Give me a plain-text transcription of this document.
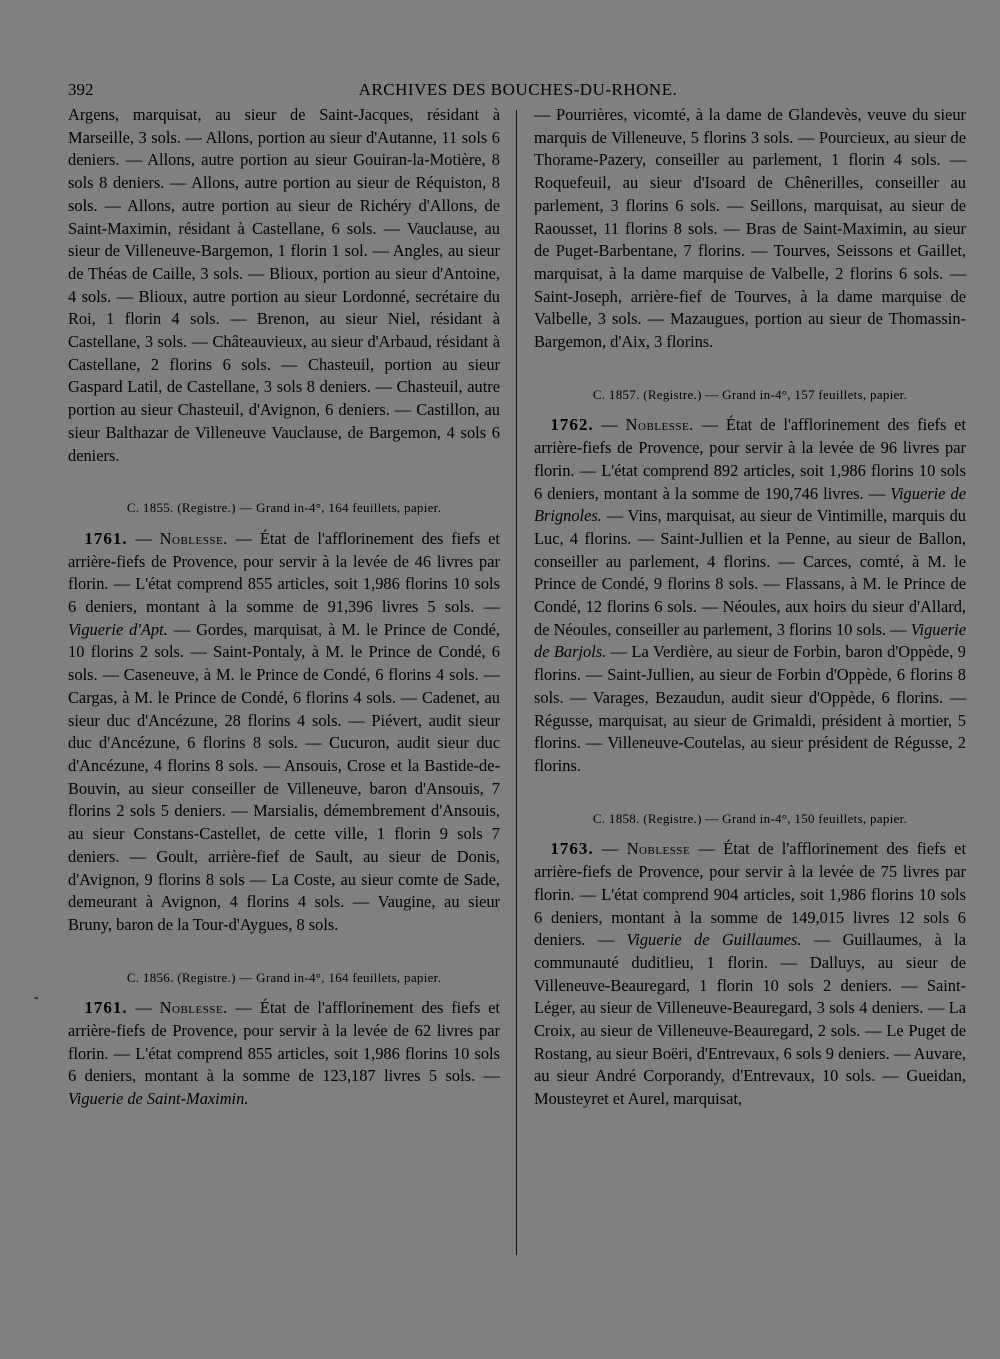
392	ARCHIVES DES BOUCHES-DU-RHONE.
-

Argens, marquisat, au sieur de Saint-Jacques, résidant à Marseille, 3 sols. — Allons, portion au sieur d'Autanne, 11 sols 6 deniers. — Allons, autre portion au sieur Gouiran-la-Motière, 8 sols 8 deniers. — Allons, autre portion au sieur de Réquiston, 8 sols. — Allons, autre portion au sieur de Richéry d'Allons, de Saint-Maximin, résidant à Castellane, 6 sols. — Vauclause, au sieur de Villeneuve-Bargemon, 1 florin 1 sol. — Angles, au sieur de Théas de Caille, 3 sols. — Blioux, portion au sieur d'Antoine, 4 sols. — Blioux, autre portion au sieur Lordonné, secrétaire du Roi, 1 florin 4 sols. — Brenon, au sieur Niel, résidant à Castellane, 3 sols. — Châteauvieux, au sieur d'Arbaud, résidant à Castellane, 2 florins 6 sols. — Chasteuil, portion au sieur Gaspard Latil, de Castellane, 3 sols 8 deniers. — Chasteuil, autre portion au sieur Chasteuil, d'Avignon, 6 deniers. — Castillon, au sieur Balthazar de Villeneuve Vauclause, de Bargemon, 4 sols 6 deniers.

C. 1855. (Registre.) — Grand in-4°, 164 feuillets, papier.

 1761. — Noblesse. — État de l'afflorinement des fiefs et arrière-fiefs de Provence, pour servir à la levée de 46 livres par florin. — L'état comprend 855 articles, soit 1,986 florins 10 sols 6 deniers, montant à la somme de 91,396 livres 5 sols. — Viguerie d'Apt. — Gordes, marquisat, à M. le Prince de Condé, 10 florins 2 sols. — Saint-Pontaly, à M. le Prince de Condé, 6 sols. — Caseneuve, à M. le Prince de Condé, 6 florins 4 sols. — Cargas, à M. le Prince de Condé, 6 florins 4 sols. — Cadenet, au sieur duc d'Ancézune, 28 florins 4 sols. — Piévert, audit sieur duc d'Ancézune, 6 florins 8 sols. — Cucuron, audit sieur duc d'Ancézune, 4 florins 8 sols. — Ansouis, Crose et la Bastide-de-Bouvin, au sieur conseiller de Villeneuve, baron d'Ansouis, 7 florins 2 sols 5 deniers. — Marsialis, démembrement d'Ansouis, au sieur Constans-Castellet, de cette ville, 1 florin 9 sols 7 deniers. — Goult, arrière-fief de Sault, au sieur de Donis, d'Avignon, 9 florins 8 sols — La Coste, au sieur comte de Sade, demeurant à Avignon, 4 florins 4 sols. — Vaugine, au sieur Bruny, baron de la Tour-d'Aygues, 8 sols.

C. 1856. (Registre.) — Grand in-4°, 164 feuillets, papier.

 1761. — Noblesse. — État de l'afflorinement des fiefs et arrière-fiefs de Provence, pour servir à la levée de 62 livres par florin. — L'état comprend 855 articles, soit 1,986 florins 10 sols 6 deniers, montant à la somme de 123,187 livres 5 sols. — Viguerie de Saint-Maximin.

— Pourrières, vicomté, à la dame de Glandevès, veuve du sieur marquis de Villeneuve, 5 florins 3 sols. — Pourcieux, au sieur de Thorame-Pazery, conseiller au parlement, 1 florin 4 sols. — Roquefeuil, au sieur d'Isoard de Chênerilles, conseiller au parlement, 3 florins 6 sols. — Seillons, marquisat, au sieur de Raousset, 11 florins 8 sols. — Bras de Saint-Maximin, au sieur de Puget-Barbentane, 7 florins. — Tourves, Seissons et Gaillet, marquisat, à la dame marquise de Valbelle, 2 florins 6 sols. — Saint-Joseph, arrière-fief de Tourves, à la dame marquise de Valbelle, 3 sols. — Mazaugues, portion au sieur de Thomassin-Bargemon, d'Aix, 3 florins.

C. 1857. (Registre.) — Grand in-4°, 157 feuillets, papier.

 1762. — Noblesse. — État de l'afflorinement des fiefs et arrière-fiefs de Provence, pour servir à la levée de 96 livres par florin. — L'état comprend 892 articles, soit 1,986 florins 10 sols 6 deniers, montant à la somme de 190,746 livres. — Viguerie de Brignoles. — Vins, marquisat, au sieur de Vintimille, marquis du Luc, 4 florins. — Saint-Jullien et la Penne, au sieur de Ballon, conseiller au parlement, 4 florins. — Carces, comté, à M. le Prince de Condé, 9 florins 8 sols. — Flassans, à M. le Prince de Condé, 12 florins 6 sols. — Néoules, aux hoirs du sieur d'Allard, de Néoules, conseiller au parlement, 3 florins 10 sols. — Viguerie de Barjols. — La Verdière, au sieur de Forbin, baron d'Oppède, 9 florins. — Saint-Jullien, au sieur de Forbin d'Oppède, 6 florins 8 sols. — Varages, Bezaudun, audit sieur d'Oppède, 6 florins. — Régusse, marquisat, au sieur de Grimaldi, président à mortier, 5 florins. — Villeneuve-Coutelas, au sieur président de Régusse, 2 florins.

C. 1858. (Registre.) — Grand in-4°, 150 feuillets, papier.

 1763. — Noblesse — État de l'afflorinement des fiefs et arrière-fiefs de Provence, pour servir à la levée de 75 livres par florin. — L'état comprend 904 articles, soit 1,986 florins 10 sols 6 deniers, montant à la somme de 149,015 livres 12 sols 6 deniers. — Viguerie de Guillaumes. — Guillaumes, à la communauté duditlieu, 1 florin. — Dalluys, au sieur de Villeneuve-Beauregard, 1 florin 10 sols 2 deniers. — Saint-Léger, au sieur de Villeneuve-Beauregard, 3 sols 4 deniers. — La Croix, au sieur de Villeneuve-Beauregard, 2 sols. — Le Puget de Rostang, au sieur Boëri, d'Entrevaux, 6 sols 9 deniers. — Auvare, au sieur André Corporandy, d'Entrevaux, 10 sols. — Gueidan, Mousteyret et Aurel, marquisat,
